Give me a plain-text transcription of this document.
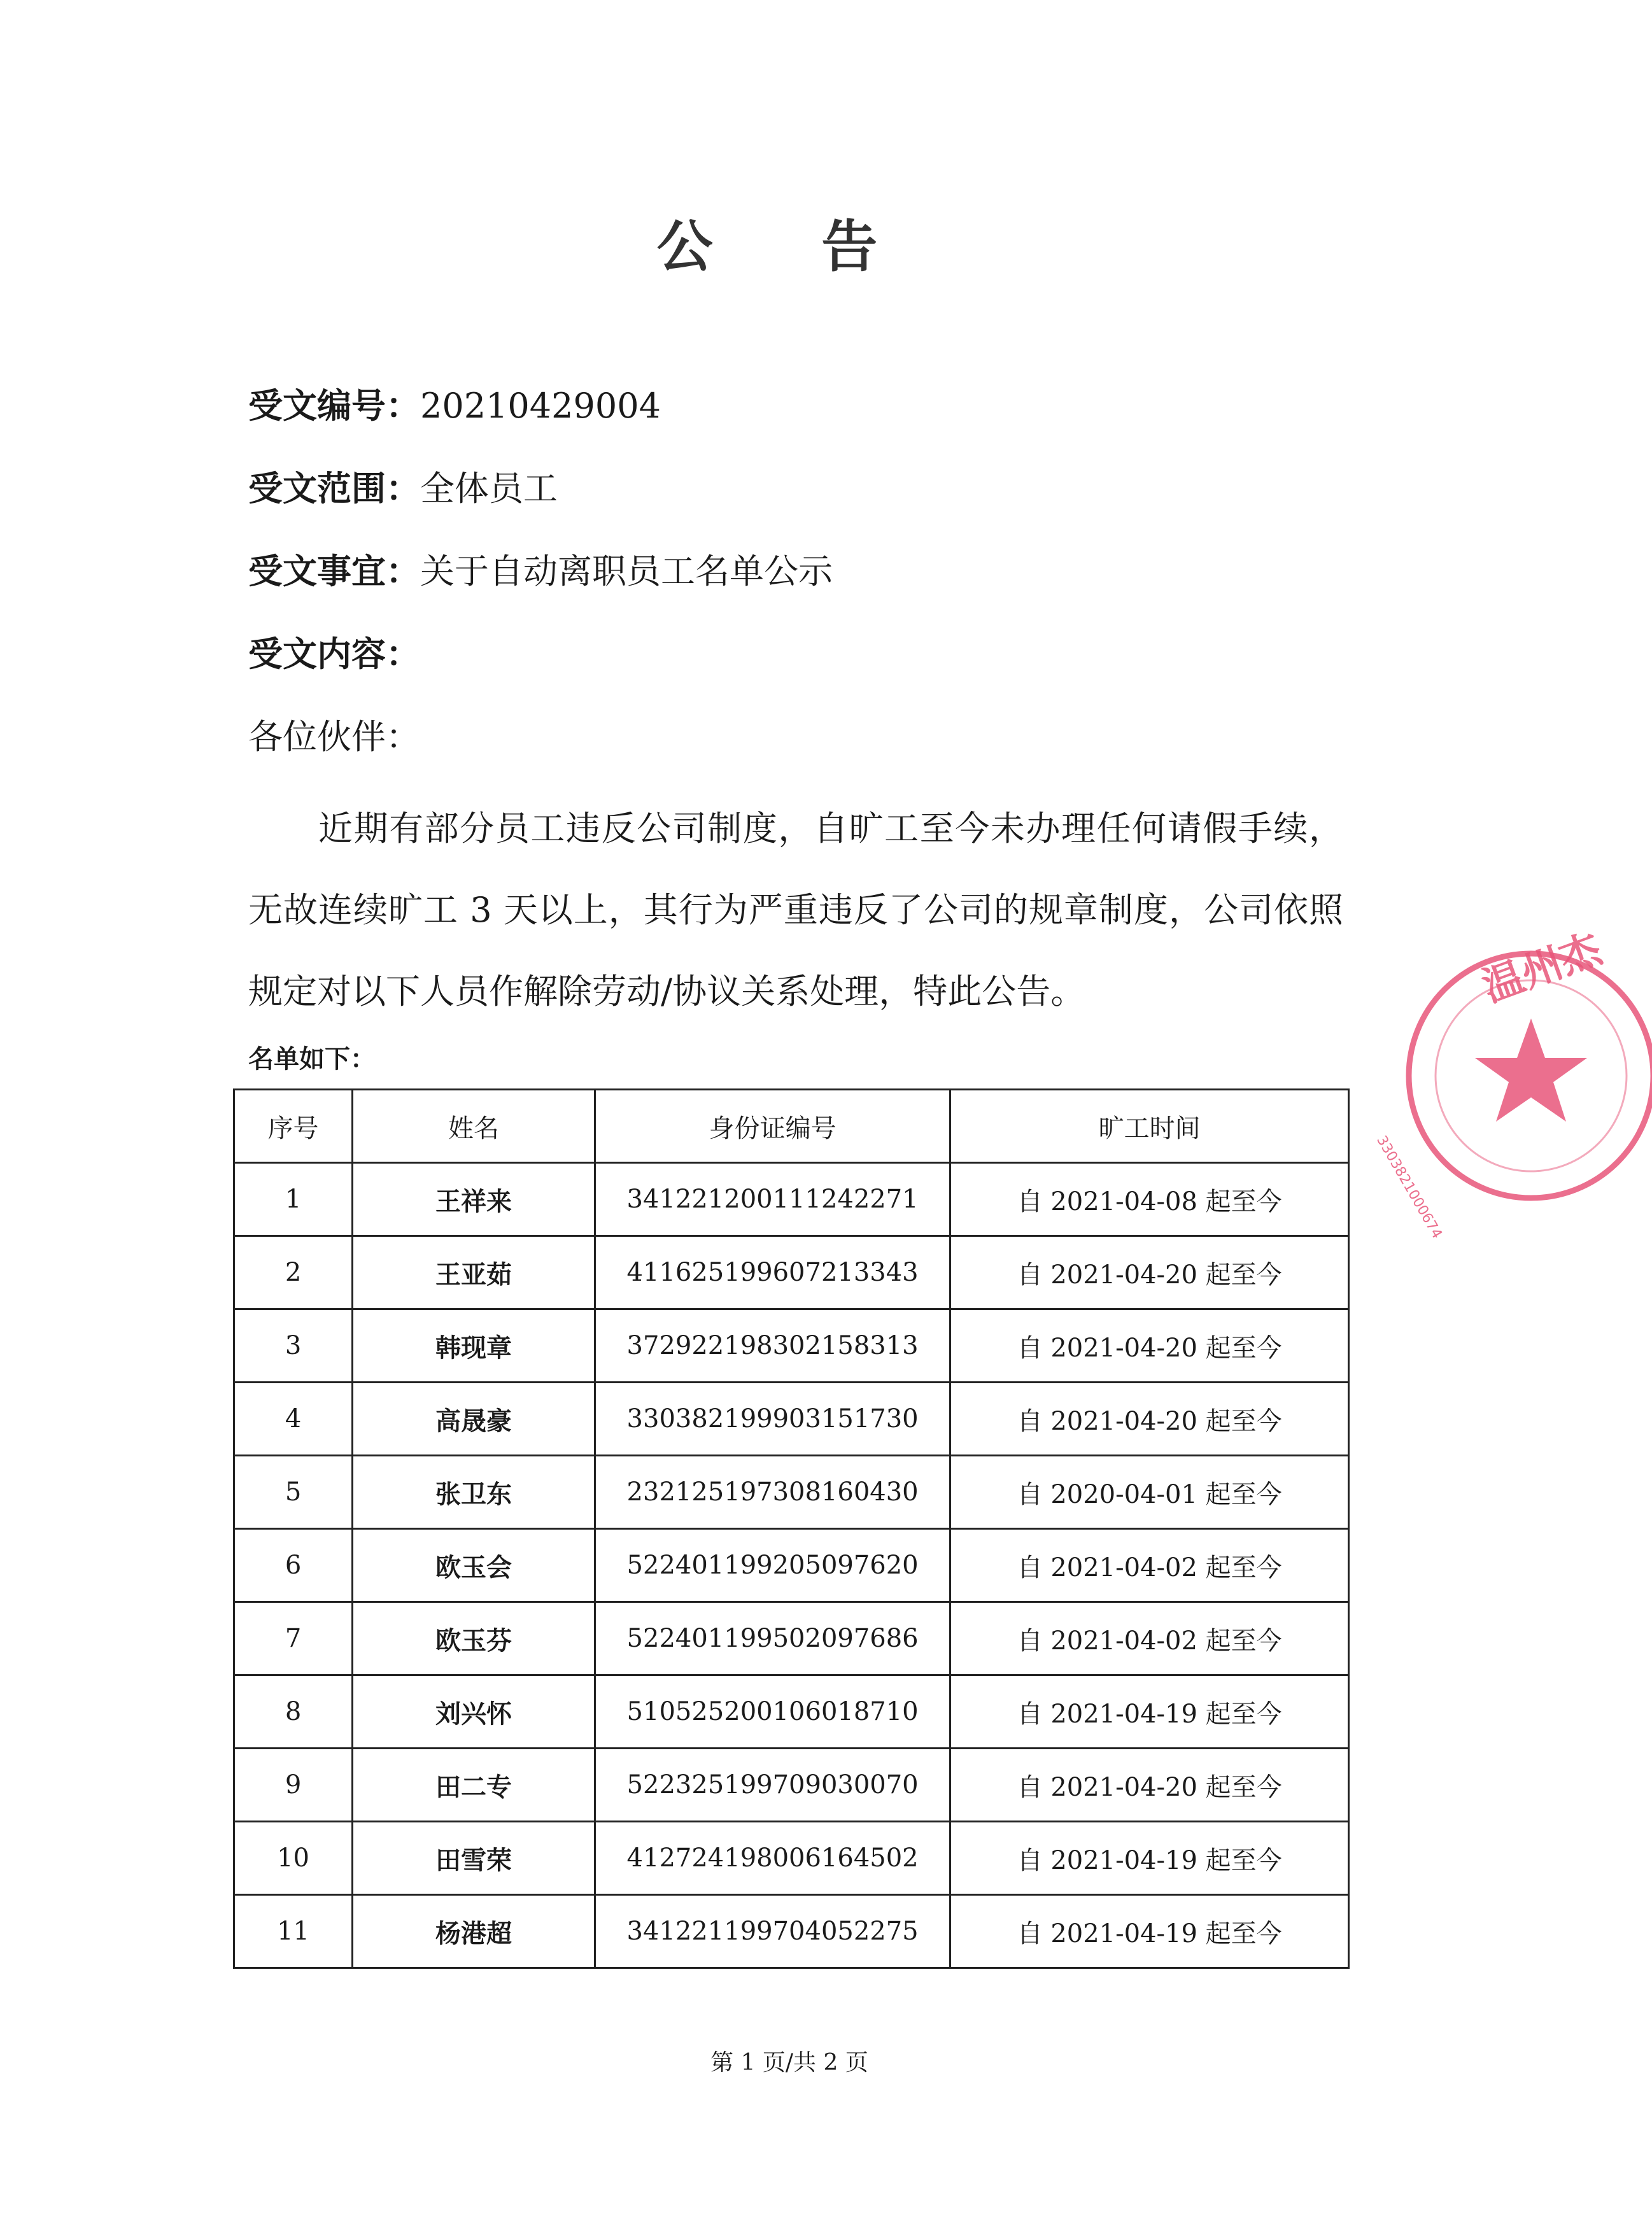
公 告
受文编号：20210429004
受文范围：全体员工
受文事宜：关于自动离职员工名单公示
受文内容：
各位伙伴：
近期有部分员工违反公司制度，自旷工至今未办理任何请假手续，无故连续旷工 3 天以上，其行为严重违反了公司的规章制度，公司依照规定对以下人员作解除劳动/协议关系处理，特此公告。
名单如下：
序号	姓名	身份证编号	旷工时间
1	王祥来	341221200111242271	自 2021-04-08 起至今
2	王亚茹	411625199607213343	自 2021-04-20 起至今
3	韩现章	372922198302158313	自 2021-04-20 起至今
4	高晟豪	330382199903151730	自 2021-04-20 起至今
5	张卫东	232125197308160430	自 2020-04-01 起至今
6	欧玉会	522401199205097620	自 2021-04-02 起至今
7	欧玉芬	522401199502097686	自 2021-04-02 起至今
8	刘兴怀	510525200106018710	自 2021-04-19 起至今
9	田二专	522325199709030070	自 2021-04-20 起至今
10	田雪荣	412724198006164502	自 2021-04-19 起至今
11	杨港超	341221199704052275	自 2021-04-19 起至今
温州杰
3303821000674
第 1 页/共 2 页
